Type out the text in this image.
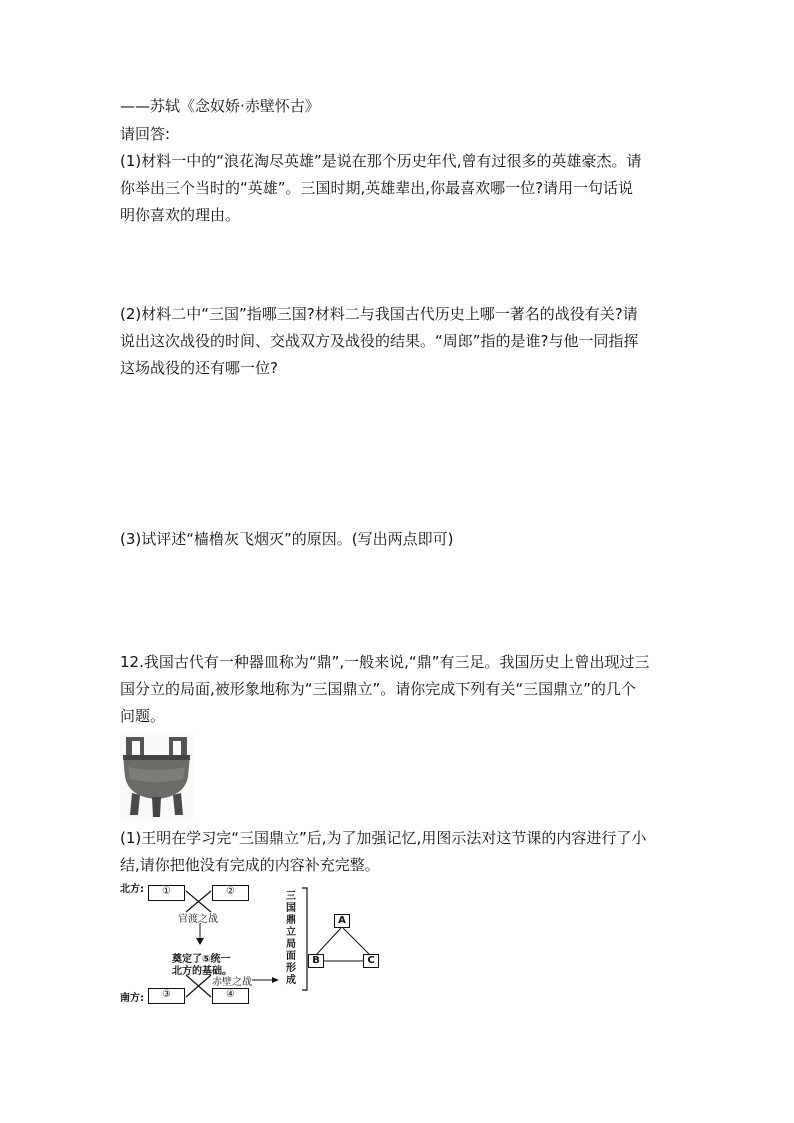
——苏轼《念奴娇·赤壁怀古》
请回答:
(1)材料一中的“浪花淘尽英雄”是说在那个历史年代,曾有过很多的英雄豪杰。请
你举出三个当时的“英雄”。三国时期,英雄辈出,你最喜欢哪一位?请用一句话说
明你喜欢的理由。
(2)材料二中“三国”指哪三国?材料二与我国古代历史上哪一著名的战役有关?请
说出这次战役的时间、交战双方及战役的结果。“周郎”指的是谁?与他一同指挥
这场战役的还有哪一位?
(3)试评述“樯橹灰飞烟灭”的原因。(写出两点即可)
12.我国古代有一种器皿称为“鼎”,一般来说,“鼎”有三足。我国历史上曾出现过三
国分立的局面,被形象地称为“三国鼎立”。请你完成下列有关“三国鼎立”的几个
问题。
(1)王明在学习完“三国鼎立”后,为了加强记忆,用图示法对这节课的内容进行了小
结,请你把他没有完成的内容补充完整。
北方:	①	②
官渡之战
奠定了⑤统一
北方的基础。
赤壁之战
南方:	③	④
三
国
鼎
立
局
面
形
成
A
B	C
